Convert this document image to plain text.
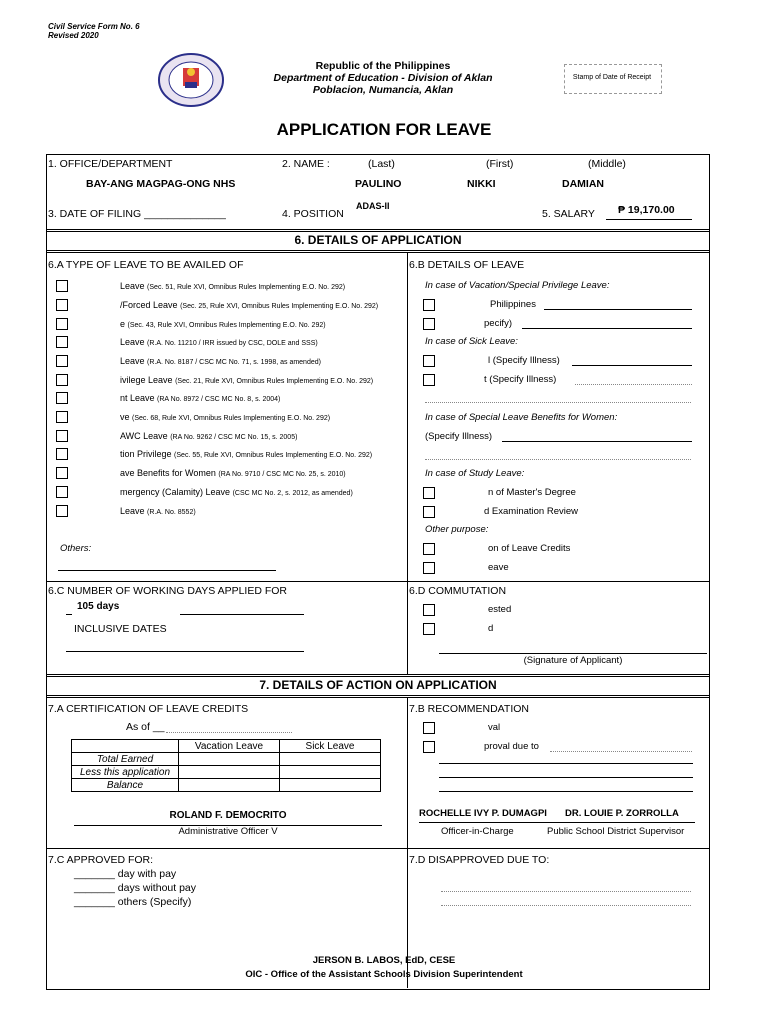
Civil Service Form No. 6
Revised 2020
Republic of the Philippines
Department of Education - Division of Aklan
Poblacion, Numancia, Aklan
Stamp of Date of Receipt
APPLICATION FOR LEAVE
1. OFFICE/DEPARTMENT	2. NAME :	(Last)	(First)	(Middle)
BAY-ANG MAGPAG-ONG NHS	PAULINO	NIKKI	DAMIAN
3. DATE OF FILING ______________	4. POSITION
ADAS-II
5. SALARY ₱ 19,170.00
6. DETAILS OF APPLICATION
6.A TYPE OF LEAVE TO BE AVAILED OF
Leave (Sec. 51, Rule XVI, Omnibus Rules Implementing E.O. No. 292)
/Forced Leave (Sec. 25, Rule XVI, Omnibus Rules Implementing E.O. No. 292)
e (Sec. 43, Rule XVI, Omnibus Rules Implementing E.O. No. 292)
Leave (R.A. No. 11210 / IRR issued by CSC, DOLE and SSS)
Leave (R.A. No. 8187 / CSC MC No. 71, s. 1998, as amended)
ivilege Leave (Sec. 21, Rule XVI, Omnibus Rules Implementing E.O. No. 292)
nt Leave (RA No. 8972 / CSC MC No. 8, s. 2004)
ve (Sec. 68, Rule XVI, Omnibus Rules Implementing E.O. No. 292)
AWC Leave (RA No. 9262 / CSC MC No. 15, s. 2005)
tion Privilege (Sec. 55, Rule XVI, Omnibus Rules Implementing E.O. No. 292)
ave Benefits for Women (RA No. 9710 / CSC MC No. 25, s. 2010)
mergency (Calamity) Leave (CSC MC No. 2, s. 2012, as amended)
Leave (R.A. No. 8552)
Others:
6.B DETAILS OF LEAVE
In case of Vacation/Special Privilege Leave:
Philippines
pecify)
In case of Sick Leave:
l (Specify Illness)
t (Specify Illness)
In case of Special Leave Benefits for Women:
(Specify Illness)
In case of Study Leave:
n of Master's Degree
d Examination Review
Other purpose:
on of Leave Credits
eave
6.C NUMBER OF WORKING DAYS APPLIED FOR
105 days
INCLUSIVE DATES
6.D COMMUTATION
ested
d
(Signature of Applicant)
7. DETAILS OF ACTION ON APPLICATION
7.A CERTIFICATION OF LEAVE CREDITS
As of __
	Vacation Leave	Sick Leave
Total Earned		
Less this application		
Balance		
ROLAND F. DEMOCRITO
Administrative Officer V
7.B RECOMMENDATION
val
proval due to
ROCHELLE IVY P. DUMAGPI DR. LOUIE P. ZORROLLA
Officer-in-Charge	Public School District Supervisor
7.C APPROVED FOR:
_______ day with pay
_______ days without pay
_______ others (Specify)
7.D DISAPPROVED DUE TO:
JERSON B. LABOS, EdD, CESE
OIC - Office of the Assistant Schools Division Superintendent
